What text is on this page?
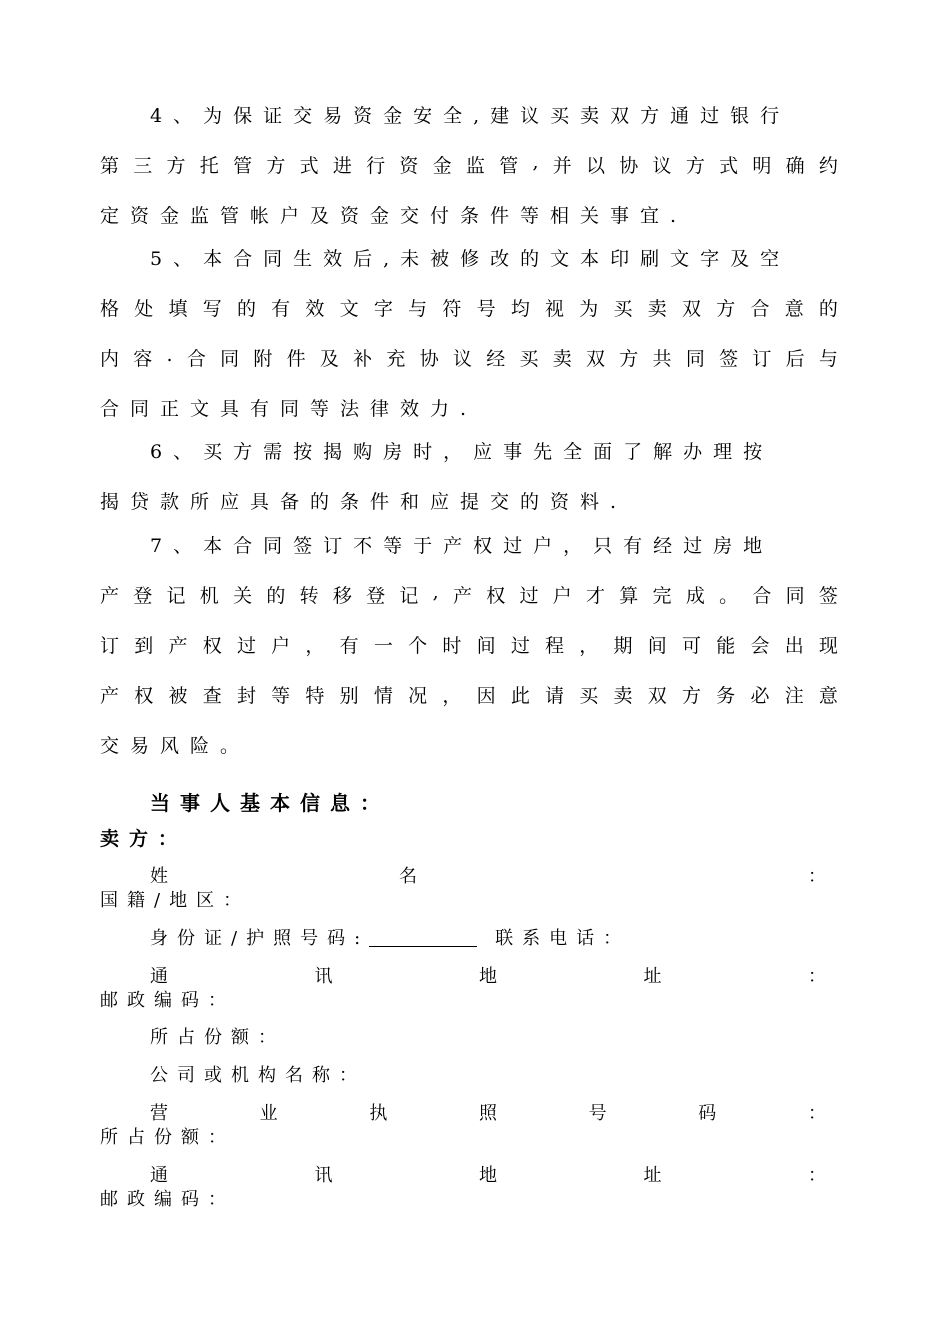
4、为保证交易资金安全,建议买卖双方通过银行
第 三 方 托 管 方 式 进 行 资 金 监 管 , 并 以 协 议 方 式 明 确 约
定资金监管帐户及资金交付条件等相关事宜.
5、本合同生效后,未被修改的文本印刷文字及空
格 处 填 写 的 有 效 文 字 与 符 号 均 视 为 买 卖 双 方 合 意 的
内 容 . 合 同 附 件 及 补 充 协 议 经 买 卖 双 方 共 同 签 订 后 与
合同正文具有同等法律效力.
6、买方需按揭购房时，应事先全面了解办理按
揭贷款所应具备的条件和应提交的资料.
7、本合同签订不等于产权过户，只有经过房地
产 登 记 机 关 的 转 移 登 记 , 产 权 过 户 才 算 完 成 。 合 同 签
订 到 产 权 过 户 ， 有 一 个 时 间 过 程 ， 期 间 可 能 会 出 现
产 权 被 查 封 等 特 别 情 况 ， 因 此 请 买 卖 双 方 务 必 注 意
交易风险。
当事人基本信息：
卖方：
姓	名	：
国籍/地区：
身份证/护照号码:	联系电话：
通	讯	地	址	：
邮政编码：
所占份额：
公司或机构名称：
营	业	执	照	号	码	：
所占份额：
通	讯	地	址	：
邮政编码：
